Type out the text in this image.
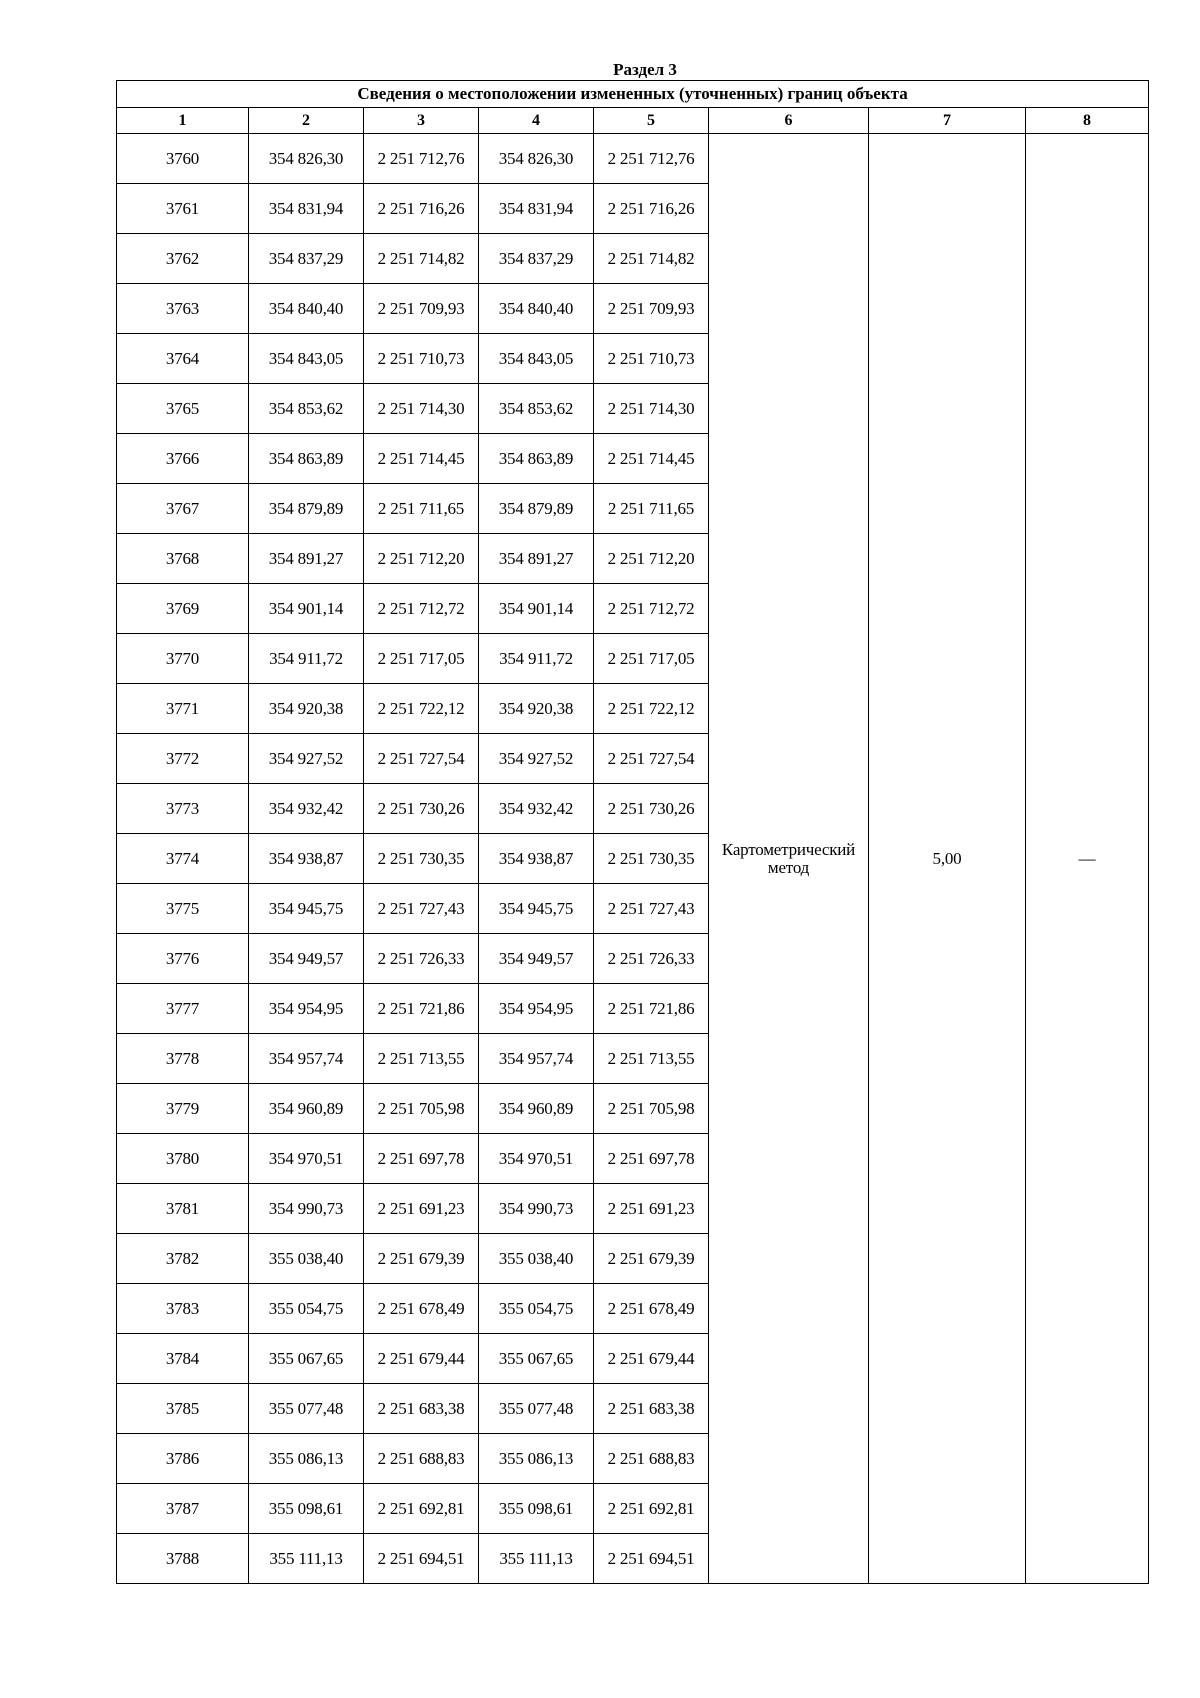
Раздел 3
Сведения о местоположении измененных (уточненных) границ объекта							
1	2	3	4	5	6	7	8
3760	354 826,30	2 251 712,76	354 826,30	2 251 712,76	Картометрический метод	5,00	—
3761	354 831,94	2 251 716,26	354 831,94	2 251 716,26			
3762	354 837,29	2 251 714,82	354 837,29	2 251 714,82			
3763	354 840,40	2 251 709,93	354 840,40	2 251 709,93			
3764	354 843,05	2 251 710,73	354 843,05	2 251 710,73			
3765	354 853,62	2 251 714,30	354 853,62	2 251 714,30			
3766	354 863,89	2 251 714,45	354 863,89	2 251 714,45			
3767	354 879,89	2 251 711,65	354 879,89	2 251 711,65			
3768	354 891,27	2 251 712,20	354 891,27	2 251 712,20			
3769	354 901,14	2 251 712,72	354 901,14	2 251 712,72			
3770	354 911,72	2 251 717,05	354 911,72	2 251 717,05			
3771	354 920,38	2 251 722,12	354 920,38	2 251 722,12			
3772	354 927,52	2 251 727,54	354 927,52	2 251 727,54			
3773	354 932,42	2 251 730,26	354 932,42	2 251 730,26			
3774	354 938,87	2 251 730,35	354 938,87	2 251 730,35			
3775	354 945,75	2 251 727,43	354 945,75	2 251 727,43			
3776	354 949,57	2 251 726,33	354 949,57	2 251 726,33			
3777	354 954,95	2 251 721,86	354 954,95	2 251 721,86			
3778	354 957,74	2 251 713,55	354 957,74	2 251 713,55			
3779	354 960,89	2 251 705,98	354 960,89	2 251 705,98			
3780	354 970,51	2 251 697,78	354 970,51	2 251 697,78			
3781	354 990,73	2 251 691,23	354 990,73	2 251 691,23			
3782	355 038,40	2 251 679,39	355 038,40	2 251 679,39			
3783	355 054,75	2 251 678,49	355 054,75	2 251 678,49			
3784	355 067,65	2 251 679,44	355 067,65	2 251 679,44			
3785	355 077,48	2 251 683,38	355 077,48	2 251 683,38			
3786	355 086,13	2 251 688,83	355 086,13	2 251 688,83			
3787	355 098,61	2 251 692,81	355 098,61	2 251 692,81			
3788	355 111,13	2 251 694,51	355 111,13	2 251 694,51			
